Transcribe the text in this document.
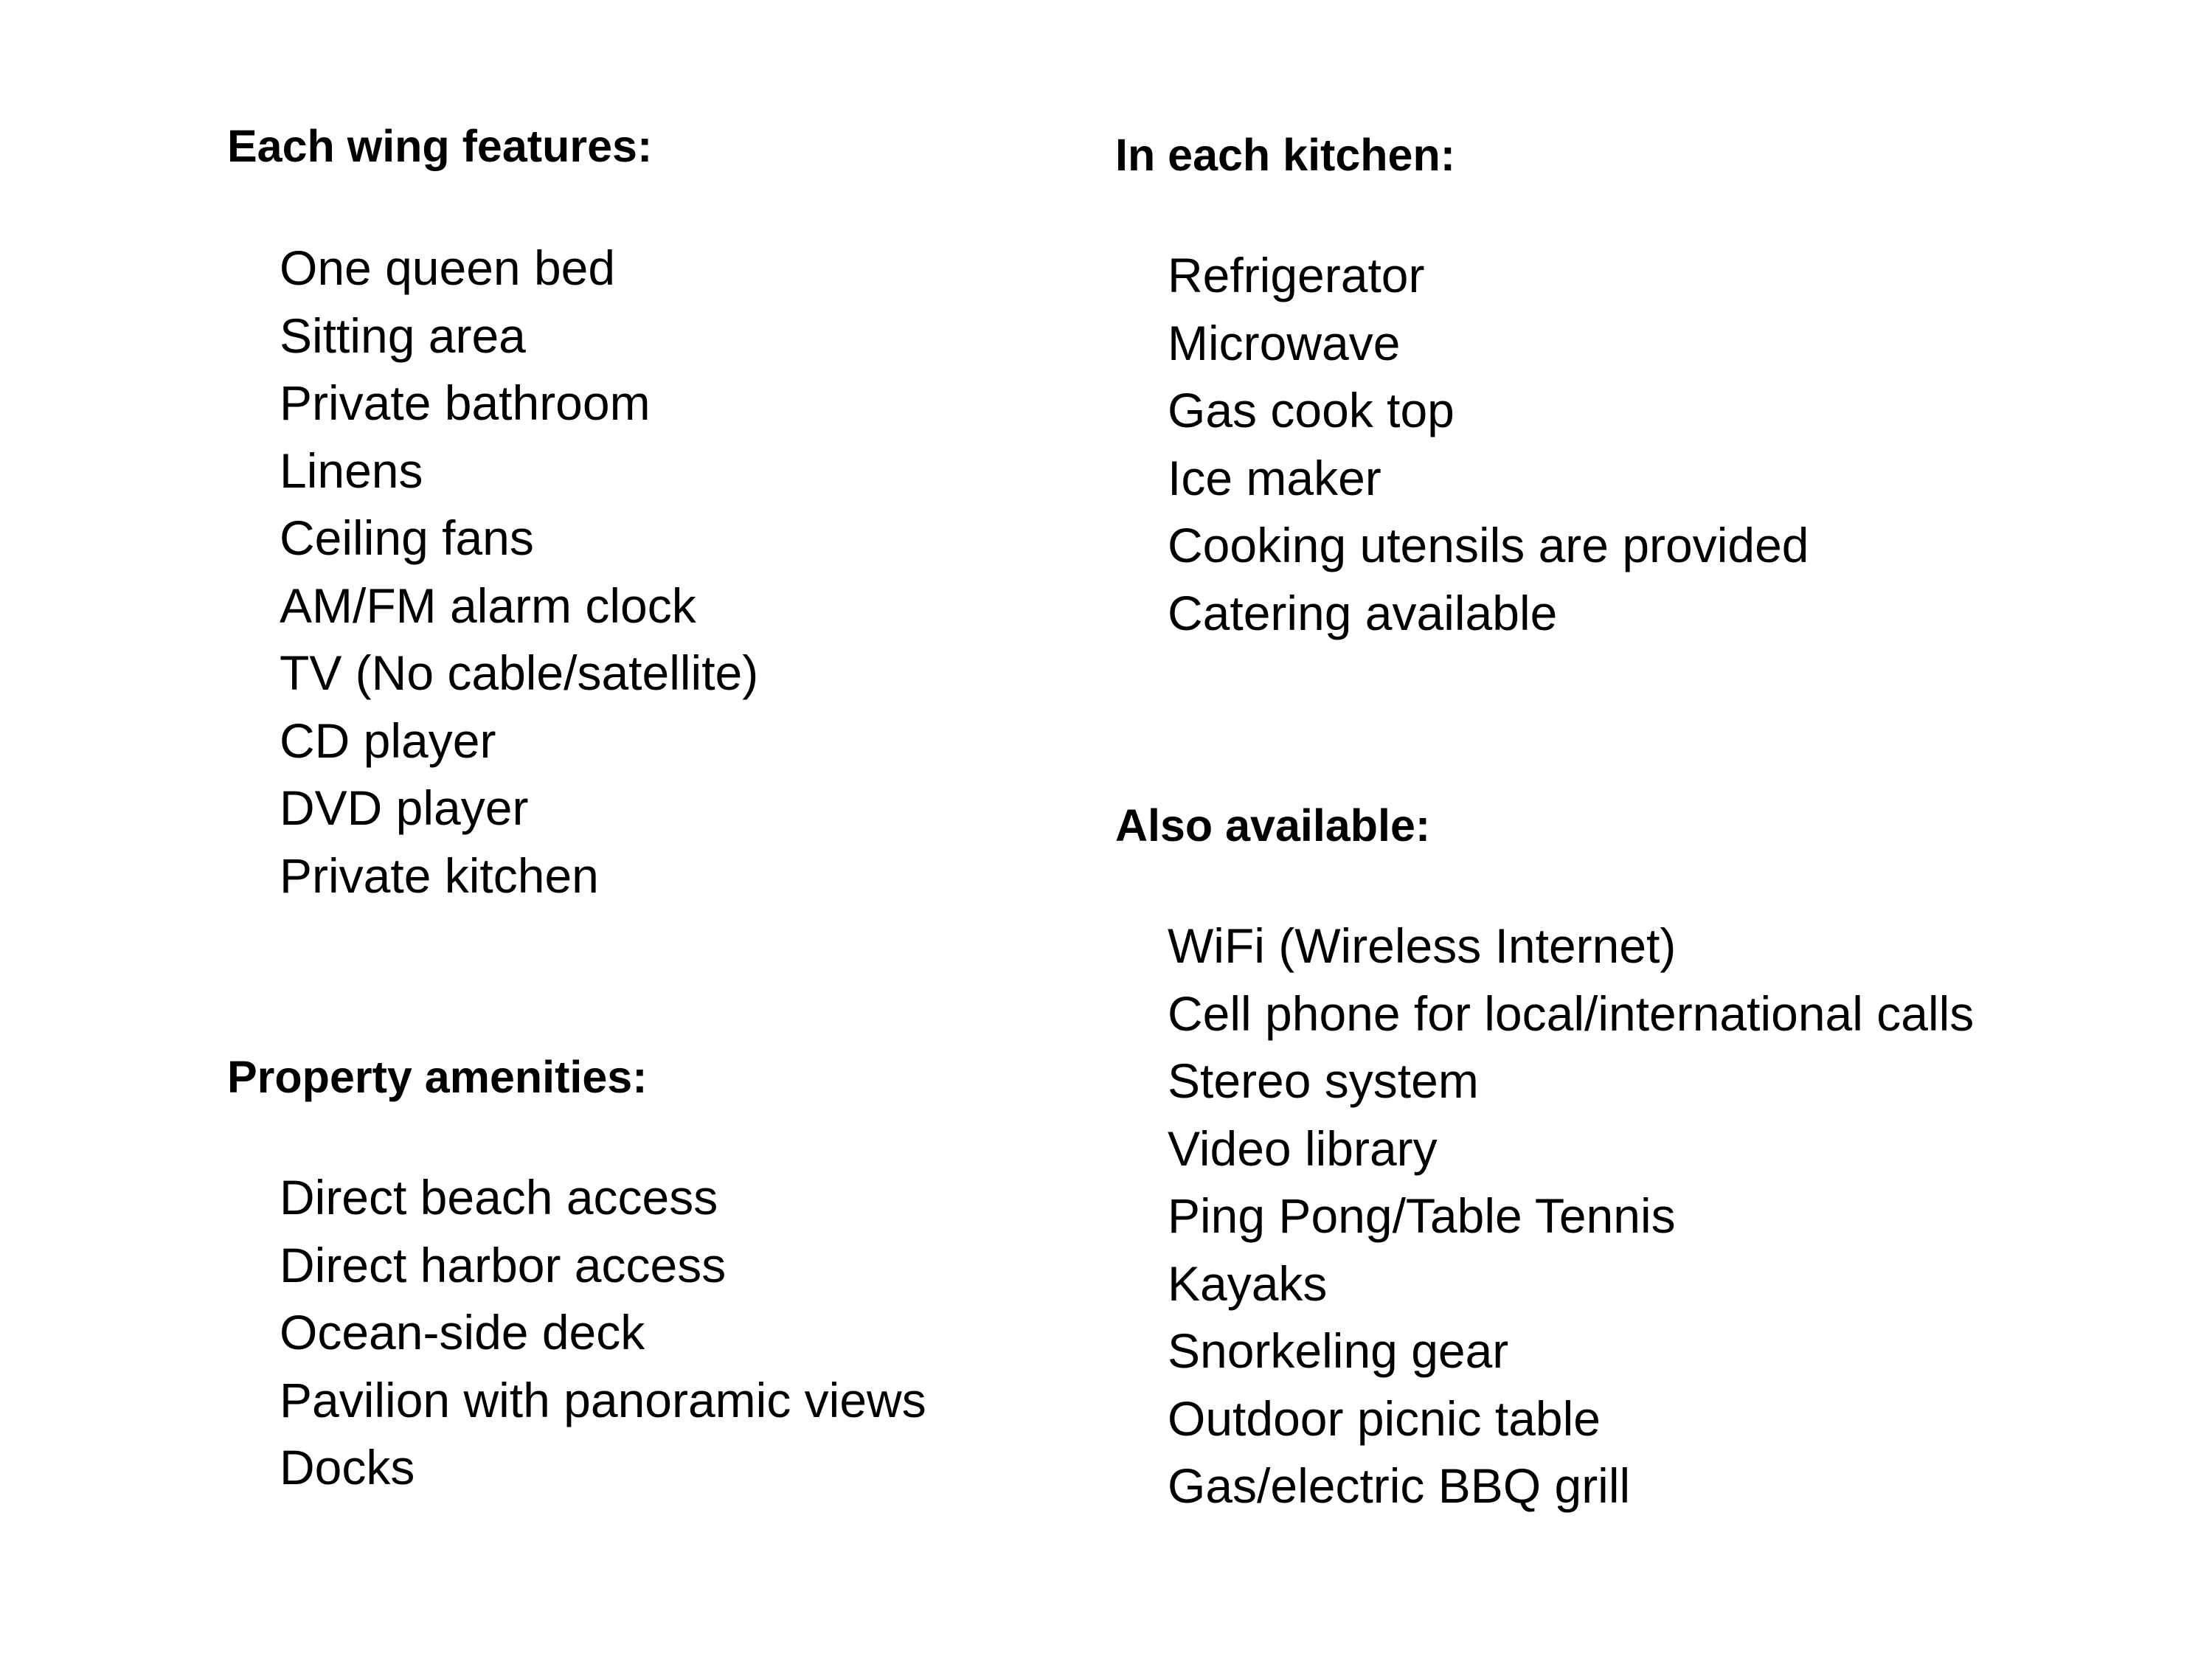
Each wing features:
One queen bed
Sitting area
Private bathroom
Linens
Ceiling fans
AM/FM alarm clock
TV (No cable/satellite)
CD player
DVD player
Private kitchen
Property amenities:
Direct beach access
Direct harbor access
Ocean-side deck
Pavilion with panoramic views
Docks
In each kitchen:
Refrigerator
Microwave
Gas cook top
Ice maker
Cooking utensils are provided
Catering available
Also available:
WiFi (Wireless Internet)
Cell phone for local/international calls
Stereo system
Video library
Ping Pong/Table Tennis
Kayaks
Snorkeling gear
Outdoor picnic table
Gas/electric BBQ grill
